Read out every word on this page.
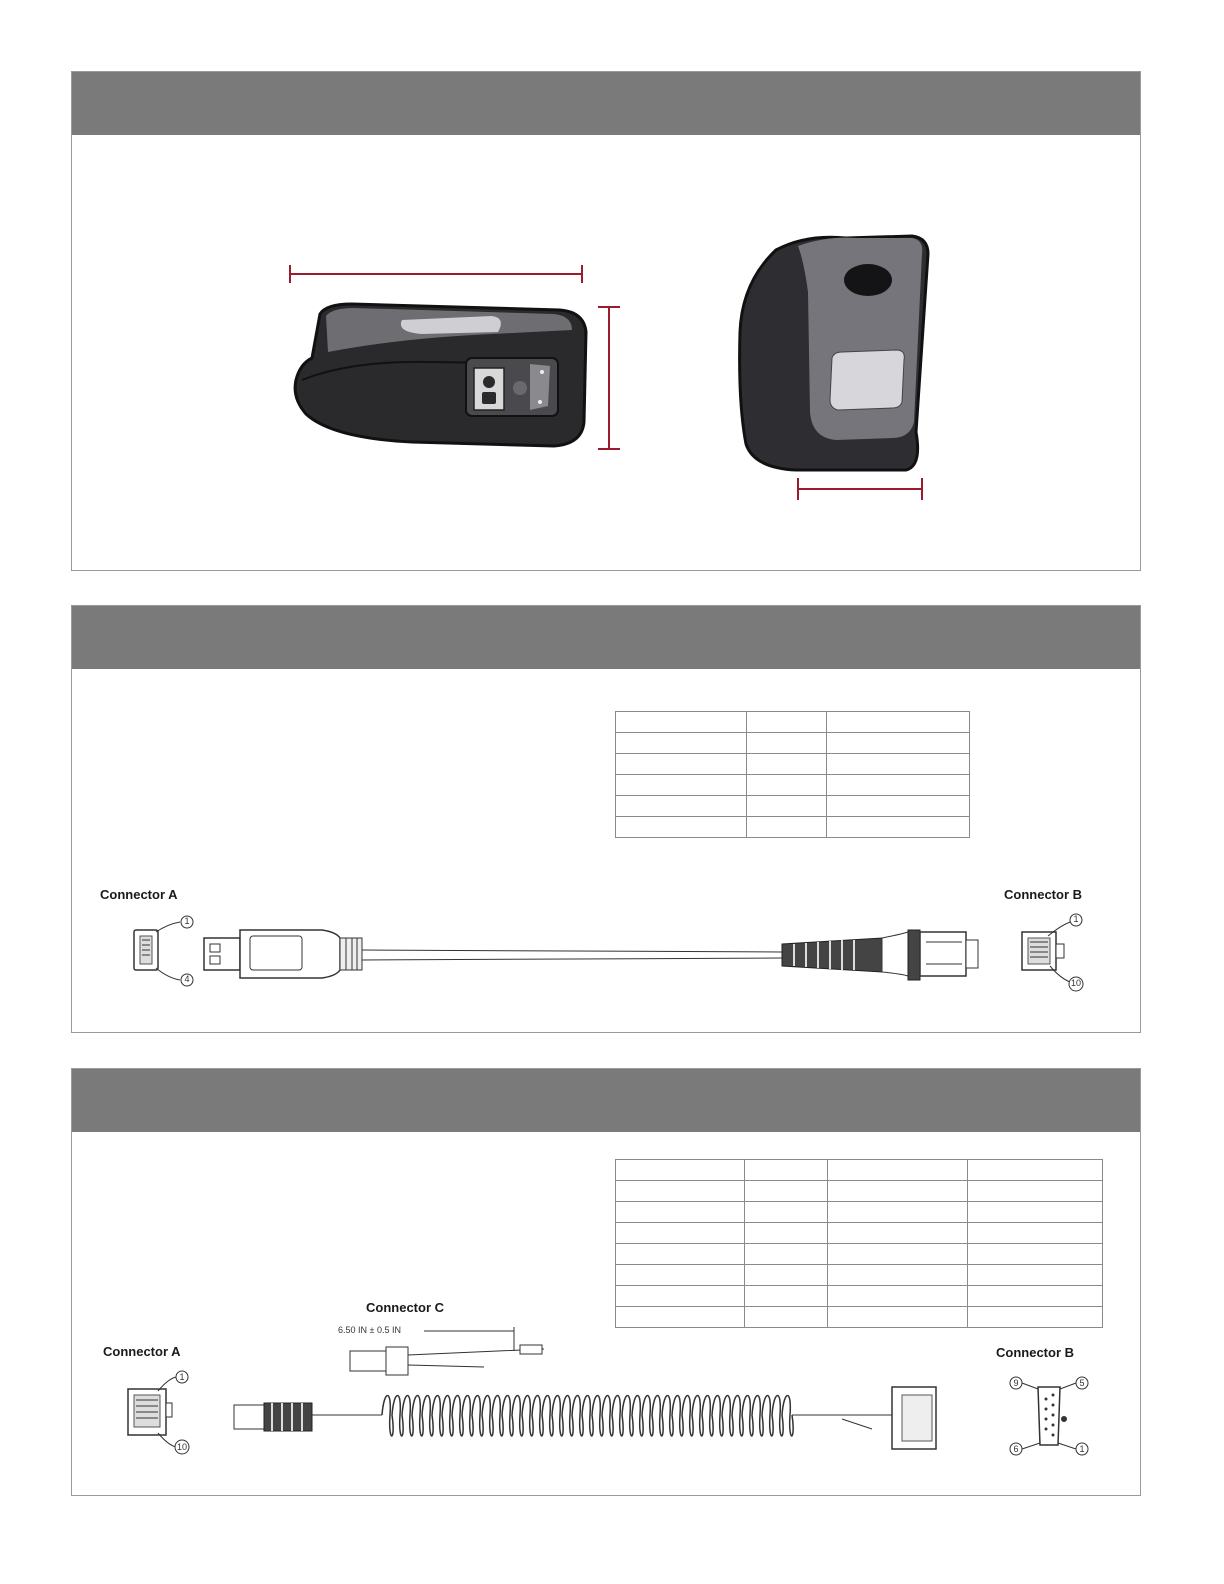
Connector A	Connector B
1
4
1
10

Connector C
6.50 IN ± 0.5 IN
Connector A	Connector B
1
10
9	5
6	1
